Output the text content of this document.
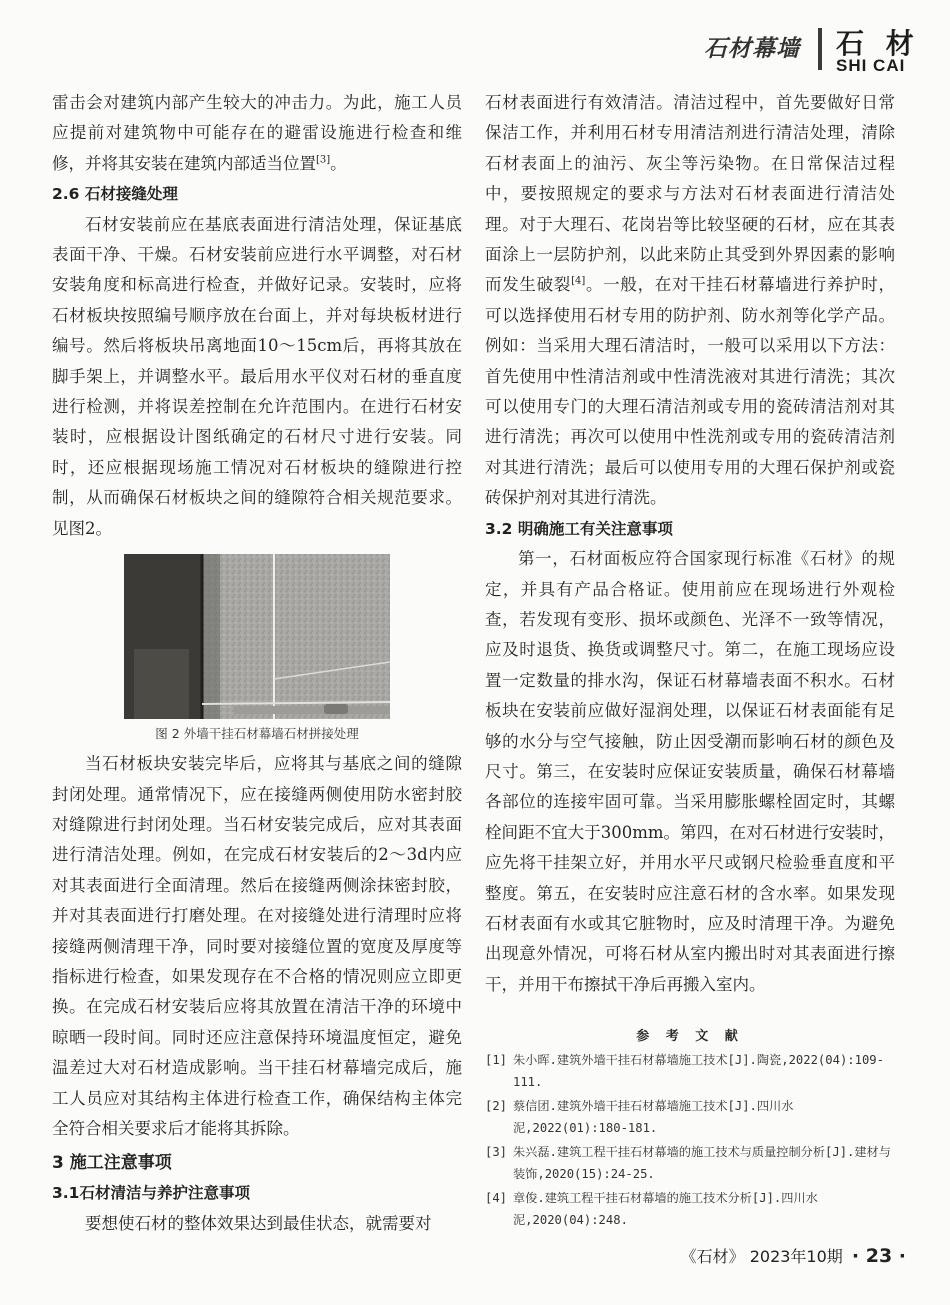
石材幕墙 石 材
SHI CAI

雷击会对建筑内部产生较大的冲击力。为此，施工人员应提前对建筑物中可能存在的避雷设施进行检查和维修，并将其安装在建筑内部适当位置[3]。

2.6 石材接缝处理

石材安装前应在基底表面进行清洁处理，保证基底表面干净、干燥。石材安装前应进行水平调整，对石材安装角度和标高进行检查，并做好记录。安装时，应将石材板块按照编号顺序放在台面上，并对每块板材进行编号。然后将板块吊离地面10～15cm后，再将其放在脚手架上，并调整水平。最后用水平仪对石材的垂直度进行检测，并将误差控制在允许范围内。在进行石材安装时，应根据设计图纸确定的石材尺寸进行安装。同时，还应根据现场施工情况对石材板块的缝隙进行控制，从而确保石材板块之间的缝隙符合相关规范要求。见图2。

图 2 外墙干挂石材幕墙石材拼接处理

当石材板块安装完毕后，应将其与基底之间的缝隙封闭处理。通常情况下，应在接缝两侧使用防水密封胶对缝隙进行封闭处理。当石材安装完成后，应对其表面进行清洁处理。例如，在完成石材安装后的2～3d内应对其表面进行全面清理。然后在接缝两侧涂抹密封胶，并对其表面进行打磨处理。在对接缝处进行清理时应将接缝两侧清理干净，同时要对接缝位置的宽度及厚度等指标进行检查，如果发现存在不合格的情况则应立即更换。在完成石材安装后应将其放置在清洁干净的环境中晾晒一段时间。同时还应注意保持环境温度恒定，避免温差过大对石材造成影响。当干挂石材幕墙完成后，施工人员应对其结构主体进行检查工作，确保结构主体完全符合相关要求后才能将其拆除。

3 施工注意事项
3.1石材清洁与养护注意事项

要想使石材的整体效果达到最佳状态，就需要对

石材表面进行有效清洁。清洁过程中，首先要做好日常保洁工作，并利用石材专用清洁剂进行清洁处理，清除石材表面上的油污、灰尘等污染物。在日常保洁过程中，要按照规定的要求与方法对石材表面进行清洁处理。对于大理石、花岗岩等比较坚硬的石材，应在其表面涂上一层防护剂，以此来防止其受到外界因素的影响而发生破裂[4]。一般，在对干挂石材幕墙进行养护时，可以选择使用石材专用的防护剂、防水剂等化学产品。例如：当采用大理石清洁时，一般可以采用以下方法：首先使用中性清洁剂或中性清洗液对其进行清洗；其次可以使用专门的大理石清洁剂或专用的瓷砖清洁剂对其进行清洗；再次可以使用中性洗剂或专用的瓷砖清洁剂对其进行清洗；最后可以使用专用的大理石保护剂或瓷砖保护剂对其进行清洗。

3.2 明确施工有关注意事项

第一，石材面板应符合国家现行标准《石材》的规定，并具有产品合格证。使用前应在现场进行外观检查，若发现有变形、损坏或颜色、光泽不一致等情况，应及时退货、换货或调整尺寸。第二，在施工现场应设置一定数量的排水沟，保证石材幕墙表面不积水。石材板块在安装前应做好湿润处理，以保证石材表面能有足够的水分与空气接触，防止因受潮而影响石材的颜色及尺寸。第三，在安装时应保证安装质量，确保石材幕墙各部位的连接牢固可靠。当采用膨胀螺栓固定时，其螺栓间距不宜大于300mm。第四，在对石材进行安装时，应先将干挂架立好，并用水平尺或钢尺检验垂直度和平整度。第五，在安装时应注意石材的含水率。如果发现石材表面有水或其它脏物时，应及时清理干净。为避免出现意外情况，可将石材从室内搬出时对其表面进行擦干，并用干布擦拭干净后再搬入室内。

参 考 文 献
[1] 朱小晖.建筑外墙干挂石材幕墙施工技术[J].陶瓷,2022(04):109-111.
[2] 蔡信团.建筑外墙干挂石材幕墙施工技术[J].四川水泥,2022(01):180-181.
[3] 朱兴磊.建筑工程干挂石材幕墙的施工技术与质量控制分析[J].建材与装饰,2020(15):24-25.
[4] 章俊.建筑工程干挂石材幕墙的施工技术分析[J].四川水泥,2020(04):248.
《石材》 2023年10期 · 23 ·
